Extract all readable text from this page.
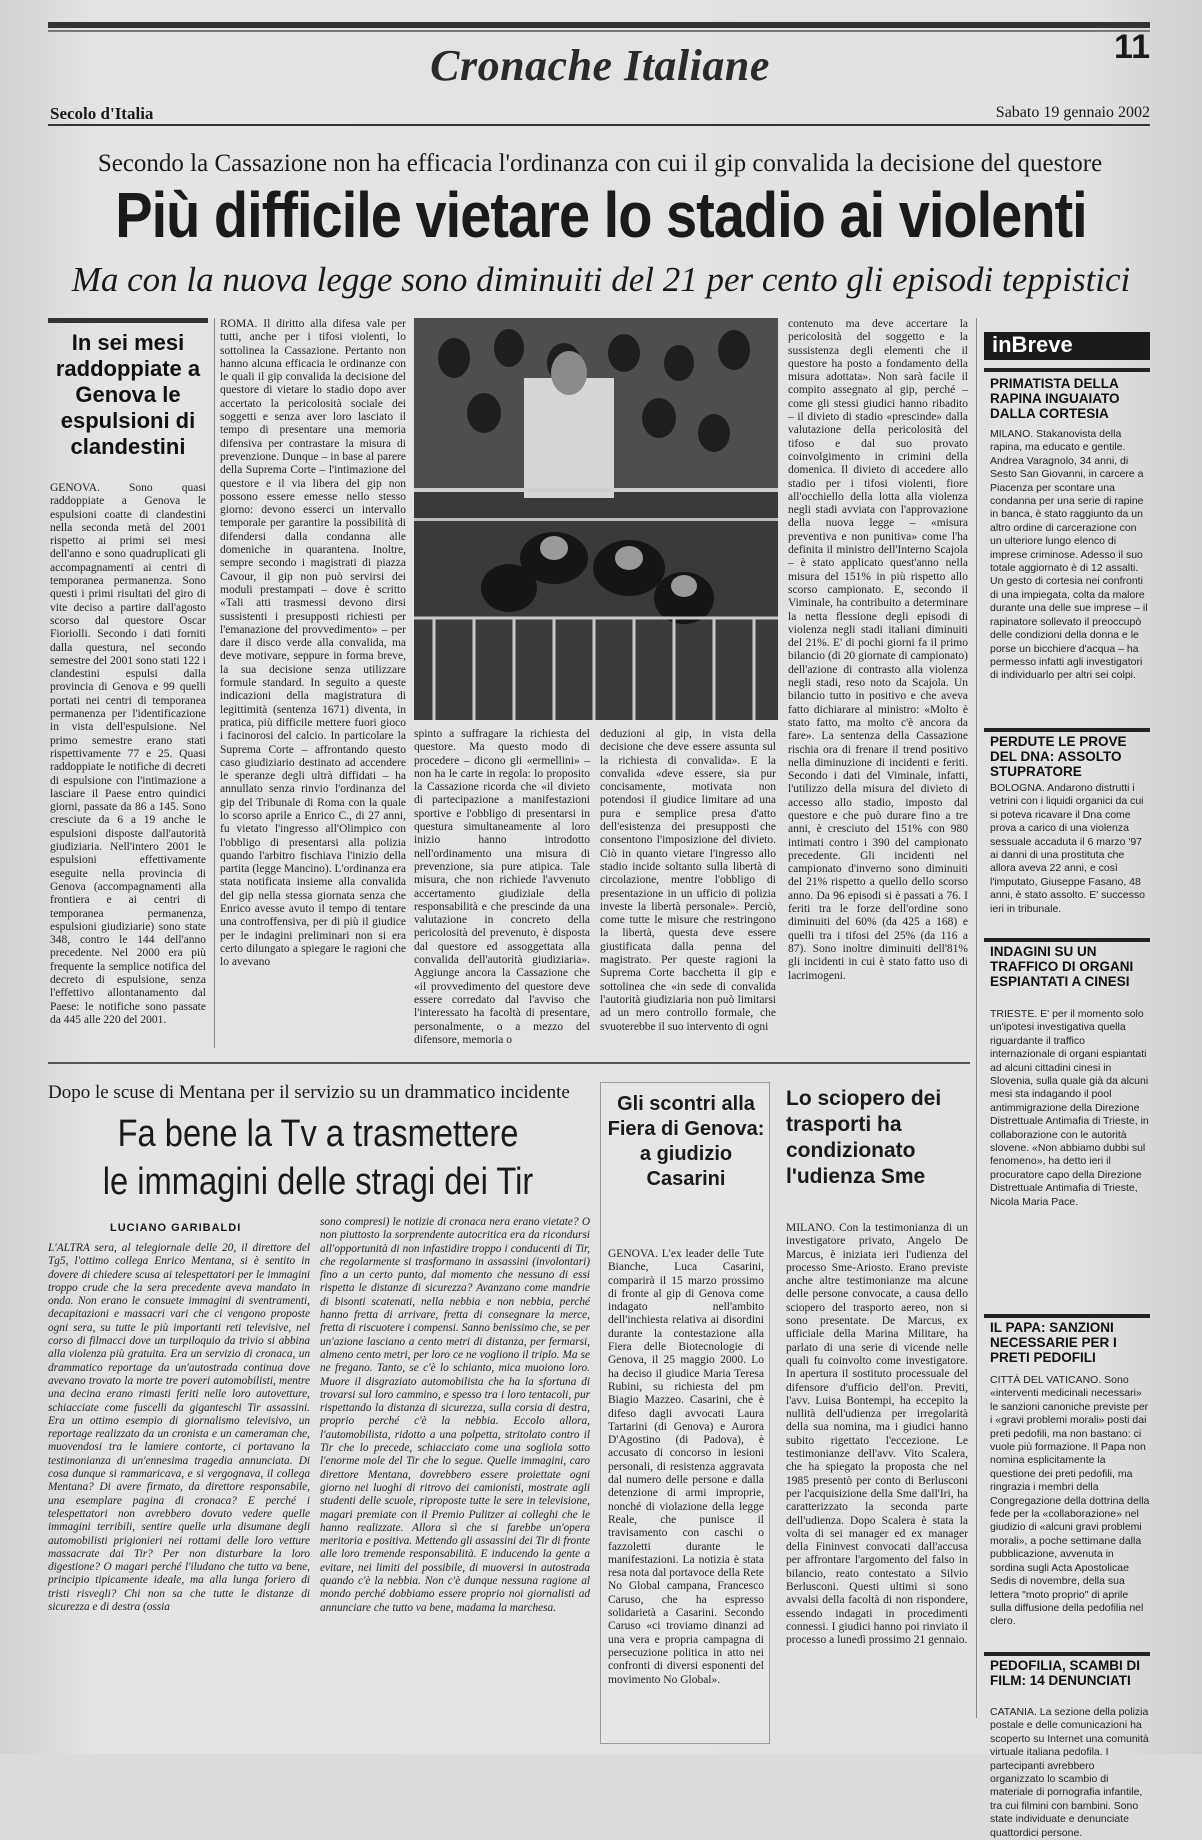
Cronache Italiane	11
Secolo d'Italia	Sabato 19 gennaio 2002
Secondo la Cassazione non ha efficacia l'ordinanza con cui il gip convalida la decisione del questore
Più difficile vietare lo stadio ai violenti
Ma con la nuova legge sono diminuiti del 21 per cento gli episodi teppistici
In sei mesi raddoppiate a Genova le espulsioni di clandestini
GENOVA. Sono quasi raddoppiate a Genova le espulsioni coatte di clandestini nella seconda metà del 2001 rispetto ai primi sei mesi dell'anno e sono quadruplicati gli accompagnamenti ai centri di temporanea permanenza. Sono questi i primi risultati del giro di vite deciso a partire dall'agosto scorso dal questore Oscar Fioriolli. Secondo i dati forniti dalla questura, nel secondo semestre del 2001 sono stati 122 i clandestini espulsi dalla provincia di Genova e 99 quelli portati nei centri di temporanea permanenza per l'identificazione in vista dell'espulsione. Nel primo semestre erano stati rispettivamente 77 e 25. Quasi raddoppiate le notifiche di decreti di espulsione con l'intimazione a lasciare il Paese entro quindici giorni, passate da 86 a 145. Sono cresciute da 6 a 19 anche le espulsioni disposte dall'autorità giudiziaria. Nell'intero 2001 le espulsioni effettivamente eseguite nella provincia di Genova (accompagnamenti alla frontiera e ai centri di temporanea permanenza, espulsioni giudiziarie) sono state 348, contro le 144 dell'anno precedente. Nel 2000 era più frequente la semplice notifica del decreto di espulsione, senza l'effettivo allontanamento dal Paese: le notifiche sono passate da 445 alle 220 del 2001.
ROMA. Il diritto alla difesa vale per tutti, anche per i tifosi violenti, lo sottolinea la Cassazione. Pertanto non hanno alcuna efficacia le ordinanze con le quali il gip convalida la decisione del questore di vietare lo stadio dopo aver accertato la pericolosità sociale dei soggetti e senza aver loro lasciato il tempo di presentare una memoria difensiva per contrastare la misura di prevenzione. Dunque – in base al parere della Suprema Corte – l'intimazione del questore e il via libera del gip non possono essere emesse nello stesso giorno: devono esserci un intervallo temporale per garantire la possibilità di difendersi dalla condanna alle domeniche in quarantena. Inoltre, sempre secondo i magistrati di piazza Cavour, il gip non può servirsi dei moduli prestampati – dove è scritto «Tali atti trasmessi devono dirsi sussistenti i presupposti richiesti per l'emanazione del provvedimento» – per dare il disco verde alla convalida, ma deve motivare, seppure in forma breve, la sua decisione senza utilizzare formule standard. In seguito a queste indicazioni della magistratura di legittimità (sentenza 1671) diventa, in pratica, più difficile mettere fuori gioco i facinorosi del calcio. In particolare la Suprema Corte – affrontando questo caso giudiziario destinato ad accendere le speranze degli ultrà diffidati – ha annullato senza rinvio l'ordinanza del gip del Tribunale di Roma con la quale lo scorso aprile a Enrico C., di 27 anni, fu vietato l'ingresso all'Olimpico con l'obbligo di presentarsi alla polizia quando l'arbitro fischiava l'inizio della partita (legge Mancino). L'ordinanza era stata notificata insieme alla convalida del gip nella stessa giornata senza che Enrico avesse avuto il tempo di tentare una controffensiva, per di più il giudice per le indagini preliminari non si era certo dilungato a spiegare le ragioni che lo avevano
spinto a suffragare la richiesta del questore. Ma questo modo di procedere – dicono gli «ermellini» – non ha le carte in regola: lo proposito la Cassazione ricorda che «il divieto di partecipazione a manifestazioni sportive e l'obbligo di presentarsi in questura simultaneamente al loro inizio hanno introdotto nell'ordinamento una misura di prevenzione, sia pure atipica. Tale misura, che non richiede l'avvenuto accertamento giudiziale della responsabilità e che prescinde da una valutazione in concreto della pericolosità del prevenuto, è disposta dal questore ed assoggettata alla convalida dell'autorità giudiziaria». Aggiunge ancora la Cassazione che «il provvedimento del questore deve essere corredato dal l'avviso che l'interessato ha facoltà di presentare, personalmente, o a mezzo del difensore, memoria o
deduzioni al gip, in vista della decisione che deve essere assunta sul la richiesta di convalida». E la convalida «deve essere, sia pur concisamente, motivata non potendosi il giudice limitare ad una pura e semplice presa d'atto dell'esistenza dei presupposti che consentono l'imposizione del divieto. Ciò in quanto vietare l'ingresso allo stadio incide soltanto sulla libertà di circolazione, mentre l'obbligo di presentazione in un ufficio di polizia investe la libertà personale». Perciò, come tutte le misure che restringono la libertà, questa deve essere giustificata dalla penna del magistrato. Per queste ragioni la Suprema Corte bacchetta il gip e sottolinea che «in sede di convalida l'autorità giudiziaria non può limitarsi ad un mero controllo formale, che svuoterebbe il suo intervento di ogni
contenuto ma deve accertare la pericolosità del soggetto e la sussistenza degli elementi che il questore ha posto a fondamento della misura adottata». Non sarà facile il compito assegnato al gip, perché – come gli stessi giudici hanno ribadito – il divieto di stadio «prescinde» dalla valutazione della pericolosità del tifoso e dal suo provato coinvolgimento in crimini della domenica. Il divieto di accedere allo stadio per i tifosi violenti, fiore all'occhiello della lotta alla violenza negli stadi avviata con l'approvazione della nuova legge – «misura preventiva e non punitiva» come l'ha definita il ministro dell'Interno Scajola – è stato applicato quest'anno nella misura del 151% in più rispetto allo scorso campionato. E, secondo il Viminale, ha contribuito a determinare la netta flessione degli episodi di violenza negli stadi italiani diminuiti del 21%. E' di pochi giorni fa il primo bilancio (di 20 giornate di campionato) dell'azione di contrasto alla violenza negli stadi, reso noto da Scajola. Un bilancio tutto in positivo e che aveva fatto dichiarare al ministro: «Molto è stato fatto, ma molto c'è ancora da fare». La sentenza della Cassazione rischia ora di frenare il trend positivo nella diminuzione di incidenti e feriti. Secondo i dati del Viminale, infatti, l'utilizzo della misura del divieto di accesso allo stadio, imposto dal questore e che può durare fino a tre anni, è cresciuto del 151% con 980 intimati contro i 390 del campionato precedente. Gli incidenti nel campionato d'inverno sono diminuiti del 21% rispetto a quello dello scorso anno. Da 96 episodi si è passati a 76. I feriti tra le forze dell'ordine sono diminuiti del 60% (da 425 a 168) e quelli tra i tifosi del 25% (da 116 a 87). Sono inoltre diminuiti dell'81% gli incidenti in cui è stato fatto uso di lacrimogeni.
inBreve
PRIMATISTA DELLA RAPINA INGUAIATO DALLA CORTESIA
MILANO. Stakanovista della rapina, ma educato e gentile. Andrea Varagnolo, 34 anni, di Sesto San Giovanni, in carcere a Piacenza per scontare una condanna per una serie di rapine in banca, è stato raggiunto da un altro ordine di carcerazione con un ulteriore lungo elenco di imprese criminose. Adesso il suo totale aggiornato è di 12 assalti. Un gesto di cortesia nei confronti di una impiegata, colta da malore durante una delle sue imprese – il rapinatore sollevato il preoccupò delle condizioni della donna e le porse un bicchiere d'acqua – ha permesso infatti agli investigatori di individuarlo per altri sei colpi.
PERDUTE LE PROVE DEL DNA: ASSOLTO STUPRATORE
BOLOGNA. Andarono distrutti i vetrini con i liquidi organici da cui si poteva ricavare il Dna come prova a carico di una violenza sessuale accaduta il 6 marzo '97 ai danni di una prostituta che allora aveva 22 anni, e così l'imputato, Giuseppe Fasano, 48 anni, è stato assolto. E' successo ieri in tribunale.
INDAGINI SU UN TRAFFICO DI ORGANI ESPIANTATI A CINESI
TRIESTE. E' per il momento solo un'ipotesi investigativa quella riguardante il traffico internazionale di organi espiantati ad alcuni cittadini cinesi in Slovenia, sulla quale già da alcuni mesi sta indagando il pool antimmigrazione della Direzione Distrettuale Antimafia di Trieste, in collaborazione con le autorità slovene. «Non abbiamo dubbi sul fenomeno», ha detto ieri il procuratore capo della Direzione Distrettuale Antimafia di Trieste, Nicola Maria Pace.
IL PAPA: SANZIONI NECESSARIE PER I PRETI PEDOFILI
CITTÀ DEL VATICANO. Sono «interventi medicinali necessari» le sanzioni canoniche previste per i «gravi problemi morali» posti dai preti pedofili, ma non bastano: ci vuole più formazione. Il Papa non nomina esplicitamente la questione dei preti pedofili, ma ringrazia i membri della Congregazione della dottrina della fede per la «collaborazione» nel giudizio di «alcuni gravi problemi morali», a poche settimane dalla pubblicazione, avvenuta in sordina sugli Acta Apostolicae Sedis di novembre, della sua lettera "moto proprio" di aprile sulla diffusione della pedofilia nel clero.
PEDOFILIA, SCAMBI DI FILM: 14 DENUNCIATI
CATANIA. La sezione della polizia postale e delle comunicazioni ha scoperto su Internet una comunità virtuale italiana pedofila. I partecipanti avrebbero organizzato lo scambio di materiale di pornografia infantile, tra cui filmini con bambini. Sono state individuate e denunciate quattordici persone.
Dopo le scuse di Mentana per il servizio su un drammatico incidente
Fa bene la Tv a trasmettere
le immagini delle stragi dei Tir
LUCIANO GARIBALDI
L'ALTRA sera, al telegiornale delle 20, il direttore del Tg5, l'ottimo collega Enrico Mentana, si è sentito in dovere di chiedere scusa ai telespettatori per le immagini troppo crude che la sera precedente aveva mandato in onda. Non erano le consuete immagini di sventramenti, decapitazioni e massacri vari che ci vengono proposte ogni sera, su tutte le più importanti reti televisive, nel corso di filmacci dove un turpiloquio da trivio si abbina alla violenza più gratuita. Era un servizio di cronaca, un drammatico reportage da un'autostrada continua dove avevano trovato la morte tre poveri automobilisti, mentre una decina erano rimasti feriti nelle loro autovetture, schiacciate come fuscelli da giganteschi Tir assassini. Era un ottimo esempio di giornalismo televisivo, un reportage realizzato da un cronista e un cameraman che, muovendosi tra le lamiere contorte, ci portavano la testimonianza di un'ennesima tragedia annunciata. Di cosa dunque si rammaricava, e si vergognava, il collega Mentana? Di avere firmato, da direttore responsabile, una esemplare pagina di cronaca? E perché i telespettatori non avrebbero dovuto vedere quelle immagini terribili, sentire quelle urla disumane degli automobilisti prigionieri nei rottami delle loro vetture massacrate dai Tir? Per non disturbare la loro digestione? O magari perché l'iludano che tutto va bene, principio tipicamente ideale, ma alla lunga foriero di tristi risvegli? Chi non sa che tutte le distanze di sicurezza e di destra (ossia
sono compresi) le notizie di cronaca nera erano vietate? O non piuttosto la sorprendente autocritica era da ricondursi all'opportunità di non infastidire troppo i conducenti di Tir, che regolarmente si trasformano in assassini (involontari) fino a un certo punto, dal momento che nessuno di essi rispetta le distanze di sicurezza? Avanzano come mandrie di bisonti scatenati, nella nebbia e non nebbia, perché hanno fretta di arrivare, fretta di consegnare la merce, fretta di riscuotere i compensi. Sanno benissimo che, se per un'azione lasciano a cento metri di distanza, per fermarsi, almeno cento metri, per loro ce ne vogliono il triplo. Ma se ne fregano. Tanto, se c'è lo schianto, mica muoiono loro. Muore il disgraziato automobilista che ha la sfortuna di trovarsi sul loro cammino, e spesso tra i loro tentacoli, pur rispettando la distanza di sicurezza, sulla corsia di destra, proprio perché c'è la nebbia. Eccolo allora, l'automobilista, ridotto a una polpetta, stritolato contro il Tir che lo precede, schiacciato come una sogliola sotto l'enorme mole del Tir che lo segue. Quelle immagini, caro direttore Mentana, dovrebbero essere proiettate ogni giorno nei luoghi di ritrovo dei camionisti, mostrate agli studenti delle scuole, riproposte tutte le sere in televisione, magari premiate con il Premio Pulitzer ai colleghi che le hanno realizzate. Allora sì che si farebbe un'opera meritoria e positiva. Mettendo gli assassini dei Tir di fronte alle loro tremende responsabilità. E inducendo la gente a evitare, nei limiti del possibile, di muoversi in autostrada quando c'è la nebbia. Non c'è dunque nessuna ragione al mondo perché dobbiamo essere proprio noi giornalisti ad annunciare che tutto va bene, madama la marchesa.
Gli scontri alla Fiera di Genova: a giudizio Casarini
GENOVA. L'ex leader delle Tute Bianche, Luca Casarini, comparirà il 15 marzo prossimo di fronte al gip di Genova come indagato nell'ambito dell'inchiesta relativa ai disordini durante la contestazione alla Fiera delle Biotecnologie di Genova, il 25 maggio 2000. Lo ha deciso il giudice Maria Teresa Rubini, su richiesta del pm Biagio Mazzeo. Casarini, che è difeso dagli avvocati Laura Tartarini (di Genova) e Aurora D'Agostino (di Padova), è accusato di concorso in lesioni personali, di resistenza aggravata dal numero delle persone e dalla detenzione di armi improprie, nonché di violazione della legge Reale, che punisce il travisamento con caschi o fazzoletti durante le manifestazioni. La notizia è stata resa nota dal portavoce della Rete No Global campana, Francesco Caruso, che ha espresso solidarietà a Casarini. Secondo Caruso «ci troviamo dinanzi ad una vera e propria campagna di persecuzione politica in atto nei confronti di diversi esponenti del movimento No Global».
Lo sciopero dei trasporti ha condizionato l'udienza Sme
MILANO. Con la testimonianza di un investigatore privato, Angelo De Marcus, è iniziata ieri l'udienza del processo Sme-Ariosto. Erano previste anche altre testimonianze ma alcune delle persone convocate, a causa dello sciopero del trasporto aereo, non si sono presentate. De Marcus, ex ufficiale della Marina Militare, ha parlato di una serie di vicende nelle quali fu coinvolto come investigatore. In apertura il sostituto processuale del difensore d'ufficio dell'on. Previti, l'avv. Luisa Bontempi, ha eccepito la nullità dell'udienza per irregolarità della sua nomina, ma i giudici hanno subito rigettato l'eccezione. Le testimonianze dell'avv. Vito Scalera, che ha spiegato la proposta che nel 1985 presentò per conto di Berlusconi per l'acquisizione della Sme dall'Iri, ha caratterizzato la seconda parte dell'udienza. Dopo Scalera è stata la volta di sei manager ed ex manager della Fininvest convocati dall'accusa per affrontare l'argomento del falso in bilancio, reato contestato a Silvio Berlusconi. Questi ultimi si sono avvalsi della facoltà di non rispondere, essendo indagati in procedimenti connessi. I giudici hanno poi rinviato il processo a lunedì prossimo 21 gennaio.
